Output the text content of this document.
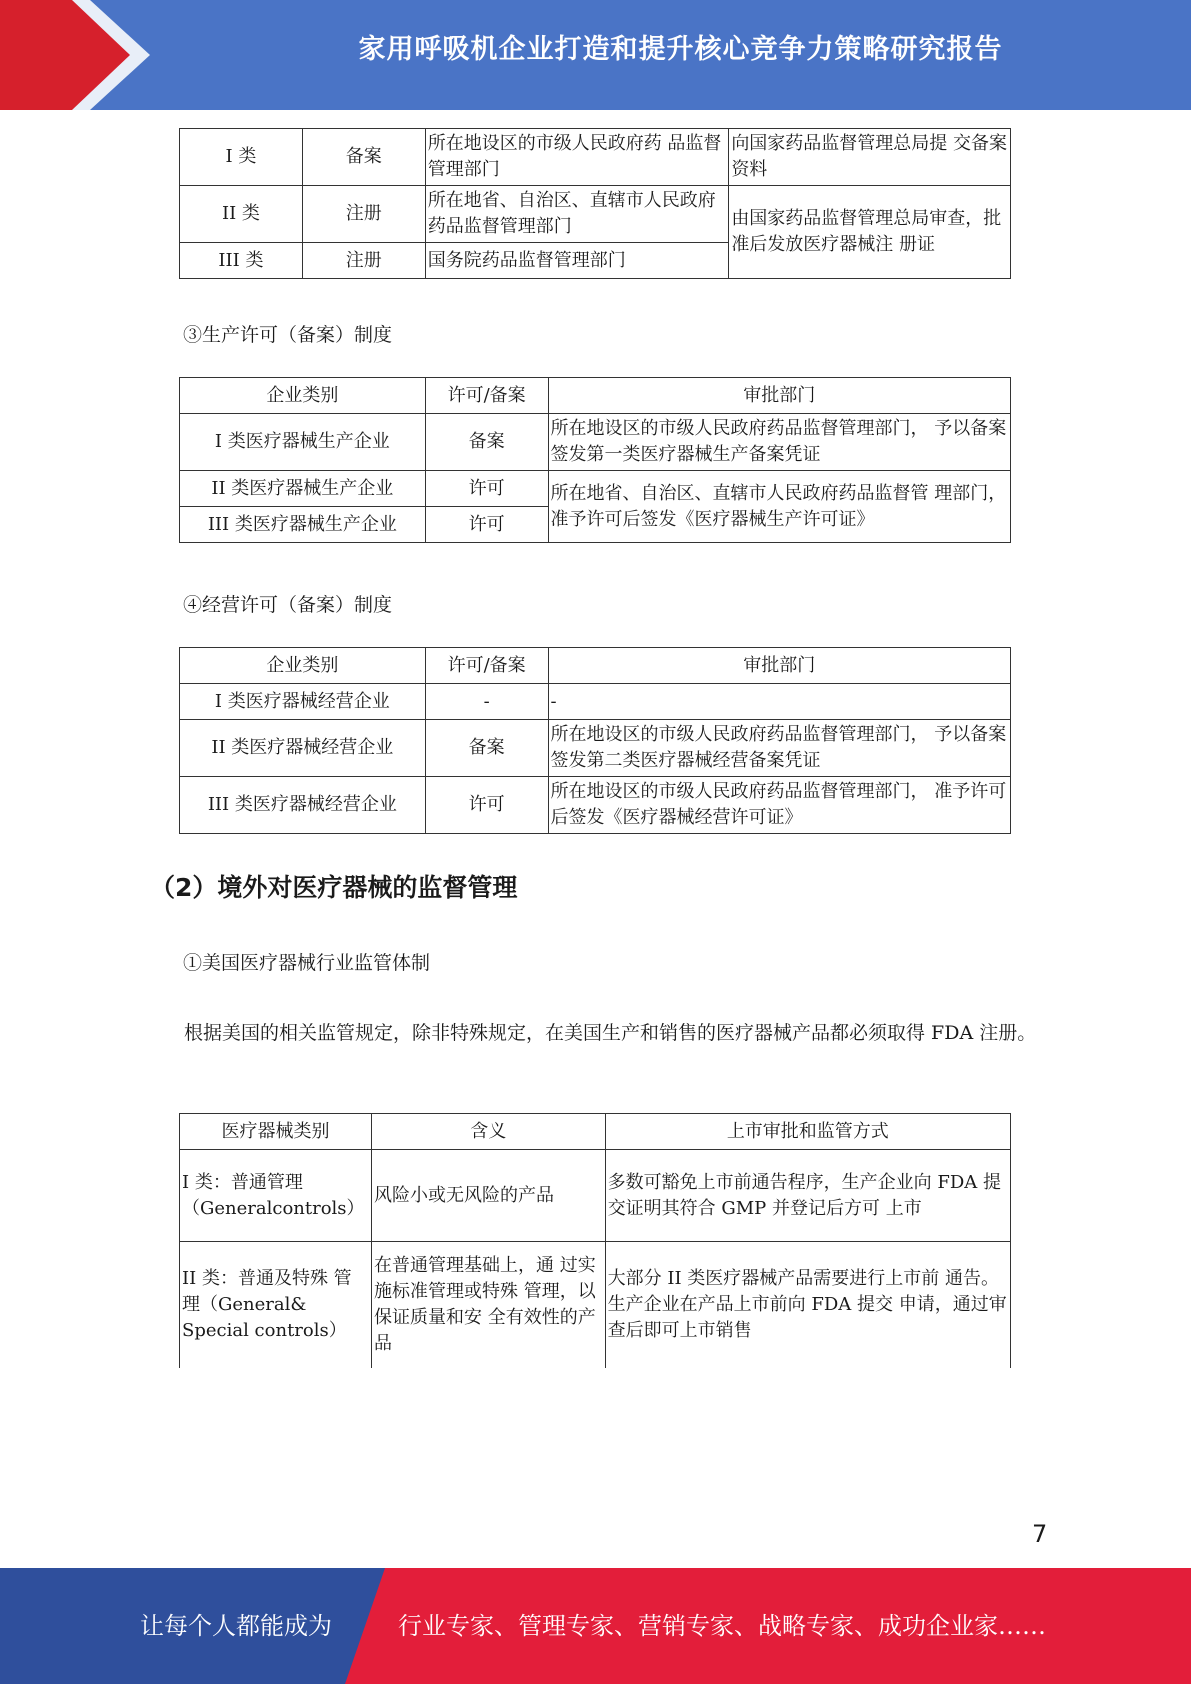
家用呼吸机企业打造和提升核心竞争力策略研究报告
I 类	备案	所在地设区的市级人民政府药 品监督管理部门	向国家药品监督管理总局提 交备案资料
II 类	注册	所在地省、自治区、直辖市人民政府药品监督管理部门	由国家药品监督管理总局审查，批准后发放医疗器械注 册证
III 类	注册	国务院药品监督管理部门	
③生产许可（备案）制度
企业类别	许可/备案	审批部门
I 类医疗器械生产企业	备案	所在地设区的市级人民政府药品监督管理部门， 予以备案签发第一类医疗器械生产备案凭证
II 类医疗器械生产企业	许可	所在地省、自治区、直辖市人民政府药品监督管 理部门，准予许可后签发《医疗器械生产许可证》
III 类医疗器械生产企业	许可	
④经营许可（备案）制度
企业类别	许可/备案	审批部门
I 类医疗器械经营企业	-	-
II 类医疗器械经营企业	备案	所在地设区的市级人民政府药品监督管理部门， 予以备案签发第二类医疗器械经营备案凭证
III 类医疗器械经营企业	许可	所在地设区的市级人民政府药品监督管理部门， 准予许可后签发《医疗器械经营许可证》
（2）境外对医疗器械的监督管理
①美国医疗器械行业监管体制
根据美国的相关监管规定，除非特殊规定，在美国生产和销售的医疗器械产品都必须取得 FDA 注册。
医疗器械类别	含义	上市审批和监管方式
I 类：普通管理（Generalcontrols）	风险小或无风险的产品	多数可豁免上市前通告程序，生产企业向 FDA 提交证明其符合 GMP 并登记后方可 上市
II 类：普通及特殊 管理（General& Special controls）	在普通管理基础上，通 过实施标准管理或特殊 管理，以保证质量和安 全有效性的产品	大部分 II 类医疗器械产品需要进行上市前 通告。生产企业在产品上市前向 FDA 提交 申请，通过审查后即可上市销售
7
让每个人都能成为	行业专家、管理专家、营销专家、战略专家、成功企业家……
